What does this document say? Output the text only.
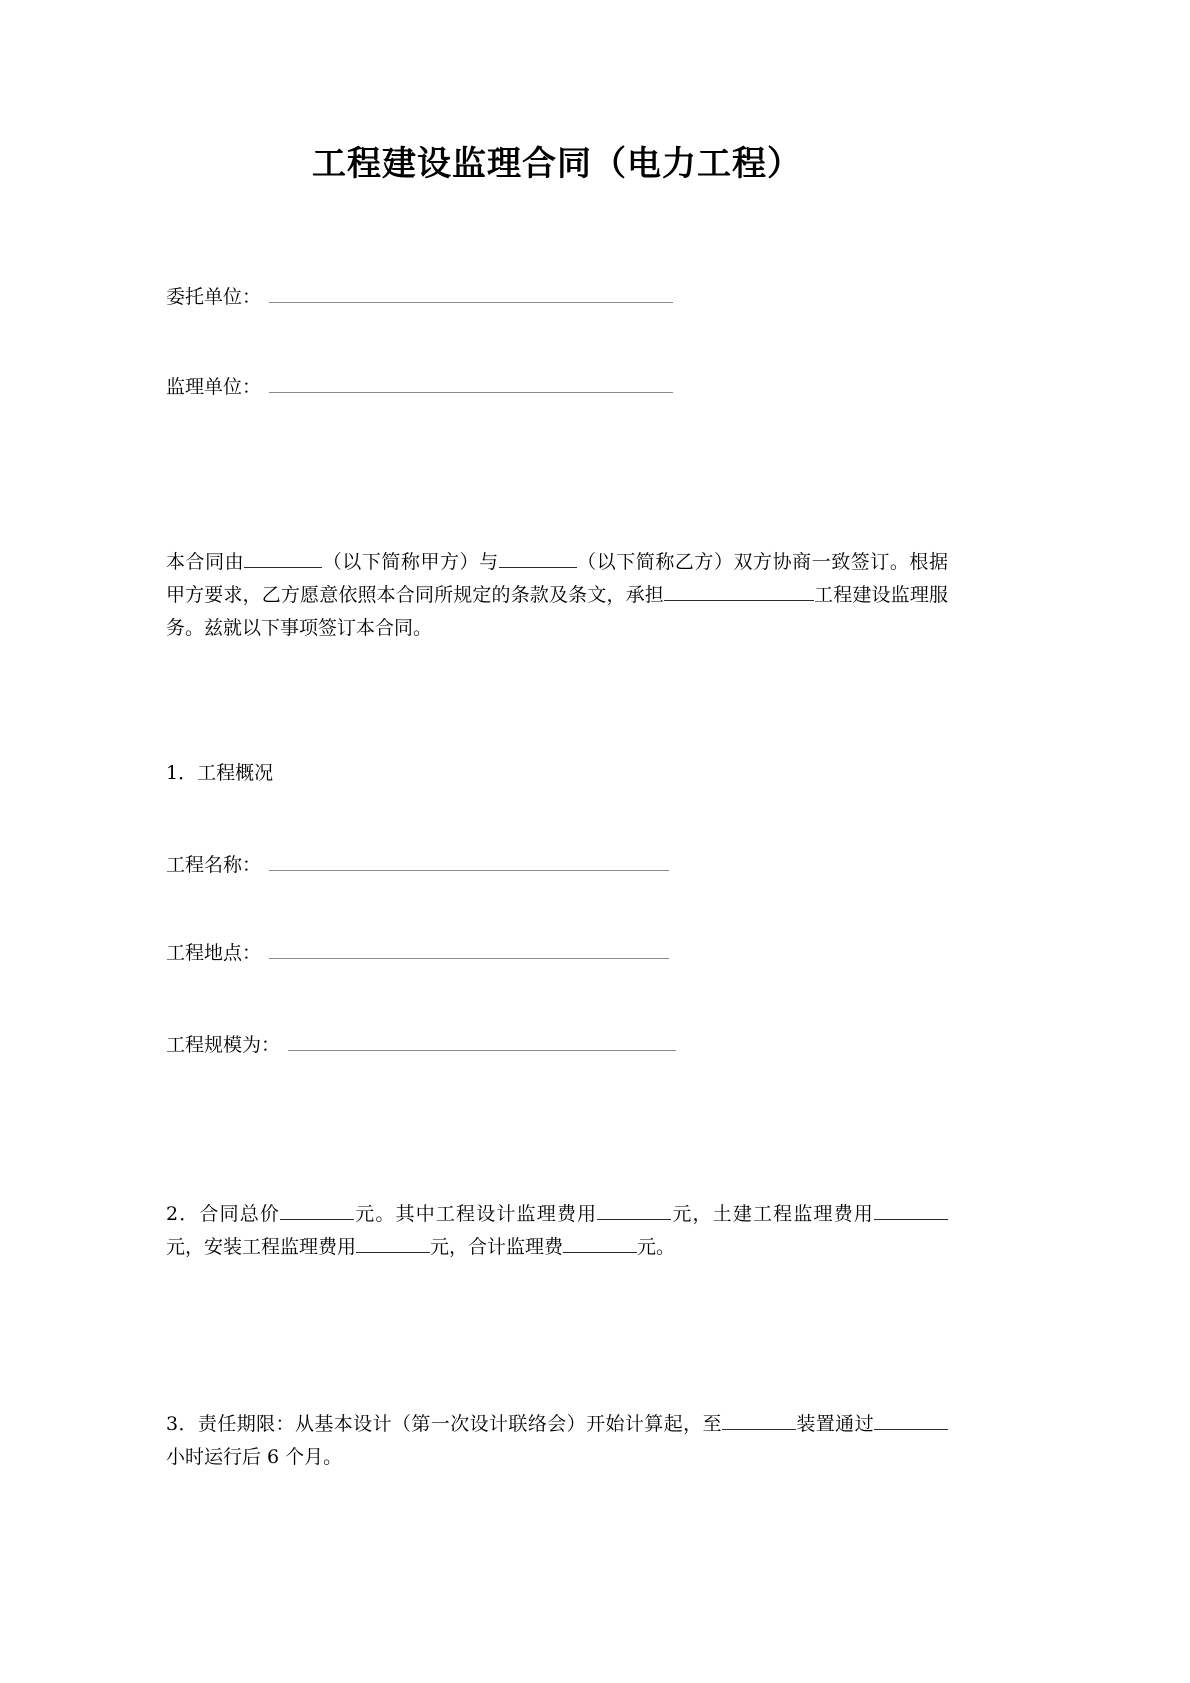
工程建设监理合同（电力工程）
委托单位：
监理单位：

本合同由	（以下简称甲方）与	（以下简称乙方）双方协商一致签订。根据甲方要求，乙方愿意依照本合同所规定的条款及条文，承担	工程建设监理服务。兹就以下事项签订本合同。

1．工程概况

工程名称：
工程地点：
工程规模为：

2．合同总价	元。其中工程设计监理费用	元，土建工程监理费用元，安装工程监理费用	元，合计监理费	元。

3．责任期限：从基本设计（第一次设计联络会）开始计算起，至	装置通过小时运行后 6 个月。
